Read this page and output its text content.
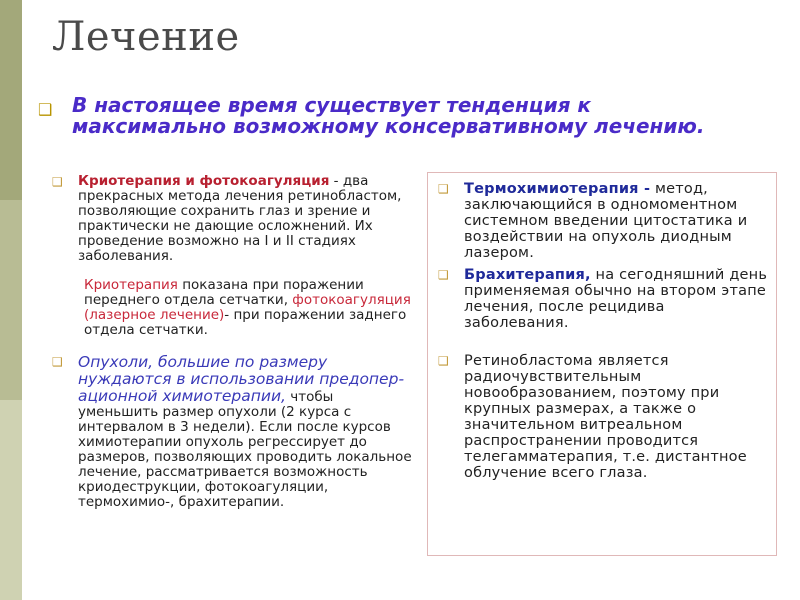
Лечение
❑ В настоящее время существует тенденция к максимально возможному консервативному лечению.

❑ Криотерапия и фотокоагуляция - два прекрасных метода лечения ретинобластом, позволяющие сохранить глаз и зрение и практически не дающие осложнений. Их проведение возможно на I и II стадиях заболевания.
Криотерапия показана при поражении переднего отдела сетчатки, фотокоагуляция (лазерное лечение)- при поражении заднего отдела сетчатки.
❑ Опухоли, большие по размеру нуждаются в использовании предоперационной химиотерапии, чтобы уменьшить размер опухоли (2 курса с интервалом в 3 недели). Если после курсов химиотерапии опухоль регрессирует до размеров, позволяющих проводить локальное лечение, рассматривается возможность криодеструкции, фотокоагуляции, термохимио-, брахитерапии.
❑ Термохимиотерапия - метод, заключающийся в одномоментном системном введении цитостатика и воздействии на опухоль диодным лазером.
❑ Брахитерапия, на сегодняшний день применяемая обычно на втором этапе лечения, после рецидива заболевания.
❑ Ретинобластома является радиочувствительным новообразованием, поэтому при крупных размерах, а также о значительном витреальном распространении проводится телегамматерапия, т.е. дистантное облучение всего глаза.
